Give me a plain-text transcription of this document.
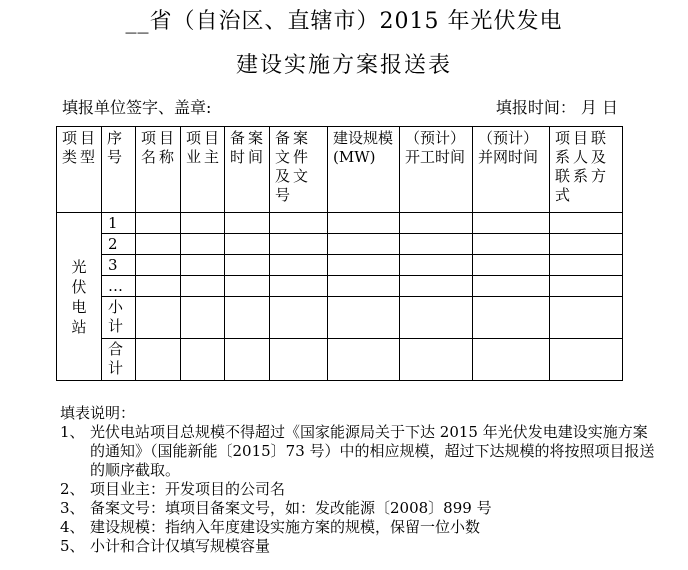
__省（自治区、直辖市）2015 年光伏发电
建设实施方案报送表
填报单位签字、盖章:	填报时间： 月 日
项目类型	序号	项目名称	项目业主	备案时间	备案文件及文号	建设规模(MW)	（预计）开工时间	（预计）并网时间	项目联系人及联系方式
光伏电站	1								
	2								
	3								
	…								
	小计								
	合计								
填表说明：
1、 光伏电站项目总规模不得超过《国家能源局关于下达 2015 年光伏发电建设实施方案的通知》（国能新能〔2015〕73 号）中的相应规模，超过下达规模的将按照项目报送的顺序截取。
2、 项目业主：开发项目的公司名
3、 备案文号：填项目备案文号，如：发改能源〔2008〕899 号
4、 建设规模：指纳入年度建设实施方案的规模，保留一位小数
5、 小计和合计仅填写规模容量
